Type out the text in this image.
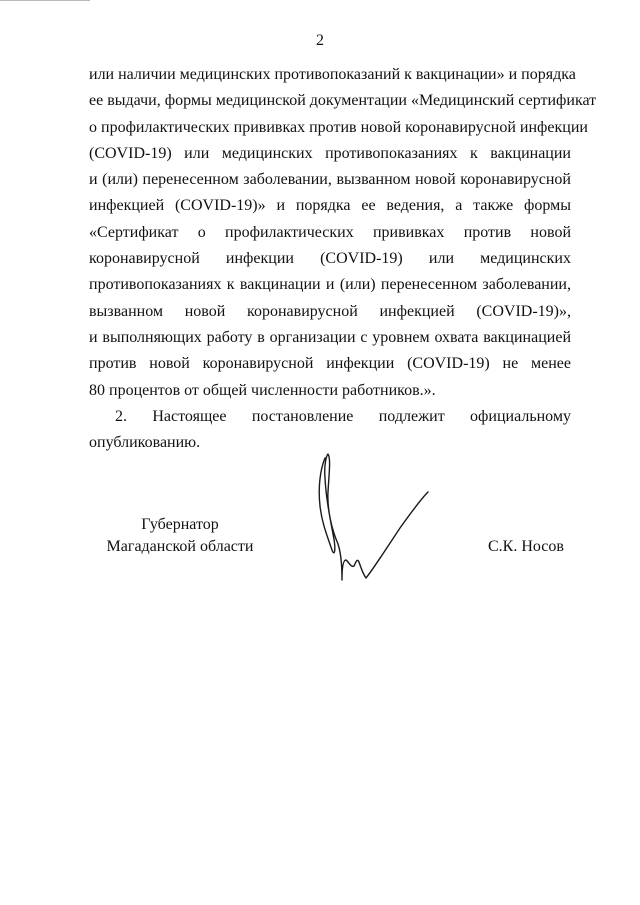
2
или наличии медицинских противопоказаний к вакцинации» и порядка
ее выдачи, формы медицинской документации «Медицинский сертификат
о профилактических прививках против новой коронавирусной инфекции
(COVID-19) или медицинских противопоказаниях к вакцинации
и (или) перенесенном заболевании, вызванном новой коронавирусной
инфекцией (COVID-19)» и порядка ее ведения, а также формы
«Сертификат о профилактических прививках против новой
коронавирусной инфекции (COVID-19) или медицинских
противопоказаниях к вакцинации и (или) перенесенном заболевании,
вызванном новой коронавирусной инфекцией (COVID-19)»,
и выполняющих работу в организации с уровнем охвата вакцинацией
против новой коронавирусной инфекции (COVID-19) не менее
80 процентов от общей численности работников.».
2. Настоящее постановление подлежит официальному
опубликованию.
Губернатор
Магаданской области	С.К. Носов
